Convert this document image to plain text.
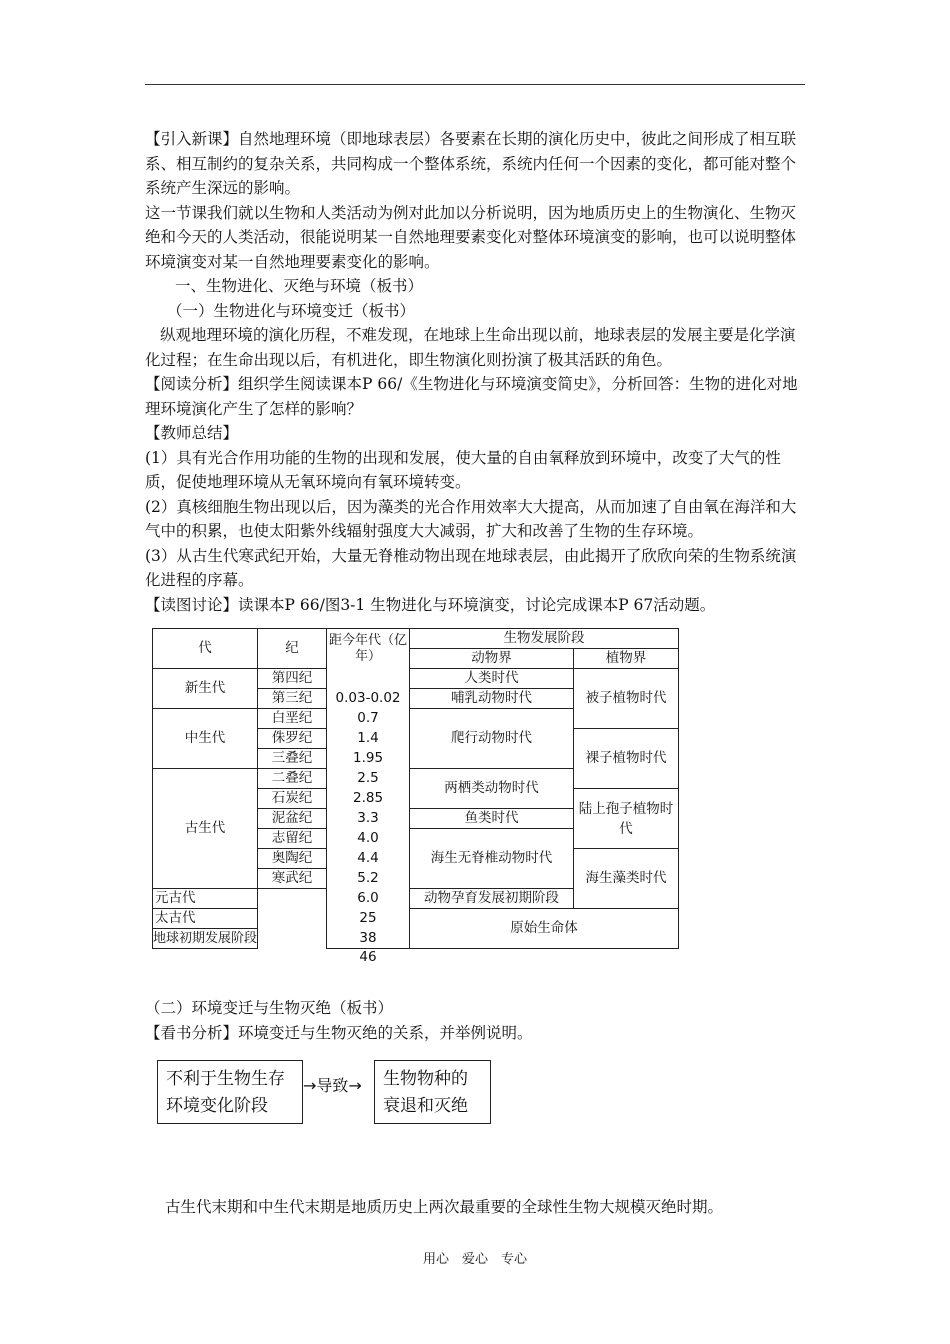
【引入新课】自然地理环境（即地球表层）各要素在长期的演化历史中，彼此之间形成了相互联系、相互制约的复杂关系，共同构成一个整体系统，系统内任何一个因素的变化，都可能对整个系统产生深远的影响。
这一节课我们就以生物和人类活动为例对此加以分析说明，因为地质历史上的生物演化、生物灭绝和今天的人类活动，很能说明某一自然地理要素变化对整体环境演变的影响，也可以说明整体环境演变对某一自然地理要素变化的影响。
一、生物进化、灭绝与环境（板书）
（一）生物进化与环境变迁（板书）
纵观地理环境的演化历程，不难发现，在地球上生命出现以前，地球表层的发展主要是化学演化过程；在生命出现以后，有机进化，即生物演化则扮演了极其活跃的角色。
【阅读分析】组织学生阅读课本P 66/《生物进化与环境演变简史》，分析回答：生物的进化对地理环境演化产生了怎样的影响？
【教师总结】
(1）具有光合作用功能的生物的出现和发展，使大量的自由氧释放到环境中，改变了大气的性质，促使地理环境从无氧环境向有氧环境转变。
(2）真核细胞生物出现以后，因为藻类的光合作用效率大大提高，从而加速了自由氧在海洋和大气中的积累，也使太阳紫外线辐射强度大大减弱，扩大和改善了生物的生存环境。
(3）从古生代寒武纪开始，大量无脊椎动物出现在地球表层，由此揭开了欣欣向荣的生物系统演化进程的序幕。
【读图讨论】读课本P 66/图3-1 生物进化与环境演变，讨论完成课本P 67活动题。
代	纪	距今年代（亿年）	生物发展阶段	
			动物界	植物界
新生代	第四纪		人类时代	被子植物时代
	第三纪	0.03-0.02	哺乳动物时代	
中生代	白垩纪	0.7	爬行动物时代	
	侏罗纪	1.4		裸子植物时代
	三叠纪	1.95		
古生代	二叠纪	2.5	两栖类动物时代	
	石炭纪	2.85		陆上孢子植物时代
	泥盆纪	3.3	鱼类时代	
	志留纪	4.0	海生无脊椎动物时代	
	奥陶纪	4.4		海生藻类时代
	寒武纪	5.2		
元古代		6.0	动物孕育发展初期阶段	
太古代		25	原始生命体	
地球初期发展阶段		38		
		46		
（二）环境变迁与生物灭绝（板书）
【看书分析】环境变迁与生物灭绝的关系，并举例说明。
不利于生物生存环境变化阶段
→导致→	生物物种的衰退和灭绝
古生代末期和中生代末期是地质历史上两次最重要的全球性生物大规模灭绝时期。
用心　爱心　专心
